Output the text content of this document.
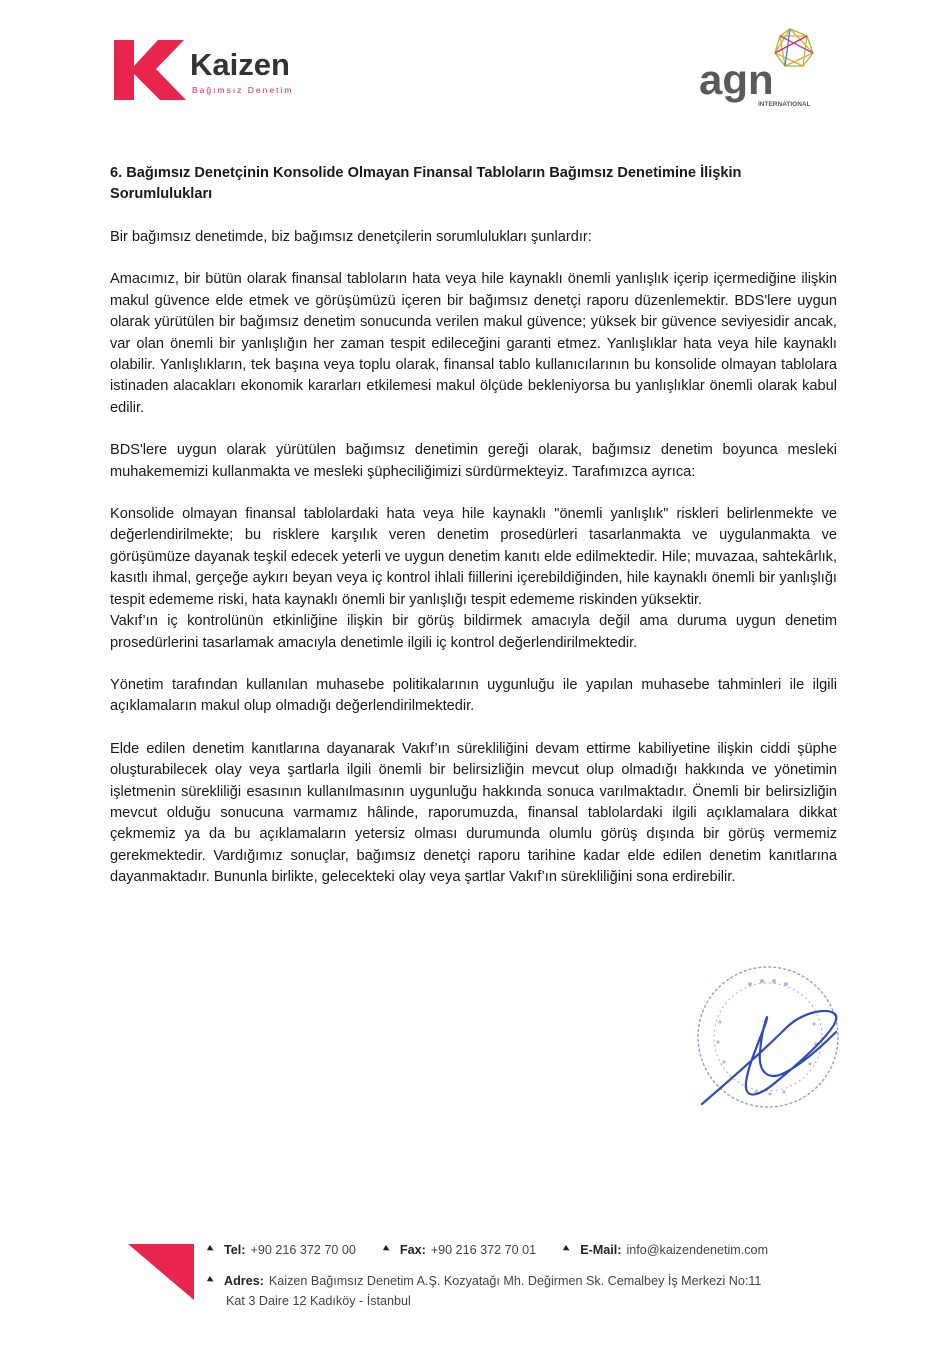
Kaizen
Bağımsız Denetim	agn
INTERNATIONAL
6. Bağımsız Denetçinin Konsolide Olmayan Finansal Tabloların Bağımsız Denetimine İlişkin Sorumlulukları

Bir bağımsız denetimde, biz bağımsız denetçilerin sorumlulukları şunlardır:

Amacımız, bir bütün olarak finansal tabloların hata veya hile kaynaklı önemli yanlışlık içerip içermediğine ilişkin makul güvence elde etmek ve görüşümüzü içeren bir bağımsız denetçi raporu düzenlemektir. BDS'lere uygun olarak yürütülen bir bağımsız denetim sonucunda verilen makul güvence; yüksek bir güvence seviyesidir ancak, var olan önemli bir yanlışlığın her zaman tespit edileceğini garanti etmez. Yanlışlıklar hata veya hile kaynaklı olabilir. Yanlışlıkların, tek başına veya toplu olarak, finansal tablo kullanıcılarının bu konsolide olmayan tablolara istinaden alacakları ekonomik kararları etkilemesi makul ölçüde bekleniyorsa bu yanlışlıklar önemli olarak kabul edilir.

BDS'lere uygun olarak yürütülen bağımsız denetimin gereği olarak, bağımsız denetim boyunca mesleki muhakememizi kullanmakta ve mesleki şüpheciliğimizi sürdürmekteyiz. Tarafımızca ayrıca:

Konsolide olmayan finansal tablolardaki hata veya hile kaynaklı "önemli yanlışlık" riskleri belirlenmekte ve değerlendirilmekte; bu risklere karşılık veren denetim prosedürleri tasarlanmakta ve uygulanmakta ve görüşümüze dayanak teşkil edecek yeterli ve uygun denetim kanıtı elde edilmektedir. Hile; muvazaa, sahtekârlık, kasıtlı ihmal, gerçeğe aykırı beyan veya iç kontrol ihlali fiillerini içerebildiğinden, hile kaynaklı önemli bir yanlışlığı tespit edememe riski, hata kaynaklı önemli bir yanlışlığı tespit edememe riskinden yüksektir.

Vakıf’ın iç kontrolünün etkinliğine ilişkin bir görüş bildirmek amacıyla değil ama duruma uygun denetim prosedürlerini tasarlamak amacıyla denetimle ilgili iç kontrol değerlendirilmektedir.

Yönetim tarafından kullanılan muhasebe politikalarının uygunluğu ile yapılan muhasebe tahminleri ile ilgili açıklamaların makul olup olmadığı değerlendirilmektedir.

Elde edilen denetim kanıtlarına dayanarak Vakıf’ın sürekliliğini devam ettirme kabiliyetine ilişkin ciddi şüphe oluşturabilecek olay veya şartlarla ilgili önemli bir belirsizliğin mevcut olup olmadığı hakkında ve yönetimin işletmenin sürekliliği esasının kullanılmasının uygunluğu hakkında sonuca varılmaktadır. Önemli bir belirsizliğin mevcut olduğu sonucuna varmamız hâlinde, raporumuzda, finansal tablolardaki ilgili açıklamalara dikkat çekmemiz ya da bu açıklamaların yetersiz olması durumunda olumlu görüş dışında bir görüş vermemiz gerekmektedir. Vardığımız sonuçlar, bağımsız denetçi raporu tarihine kadar elde edilen denetim kanıtlarına dayanmaktadır. Bununla birlikte, gelecekteki olay veya şartlar Vakıf’ın sürekliliğini sona erdirebilir.

Tel: +90 216 372 70 00	Fax: +90 216 372 70 01	E-Mail: info@kaizendenetim.com
Adres: Kaizen Bağımsız Denetim A.Ş. Kozyatağı Mh. Değirmen Sk. Cemalbey İş Merkezi No:11
Kat 3 Daire 12 Kadıköy - İstanbul
